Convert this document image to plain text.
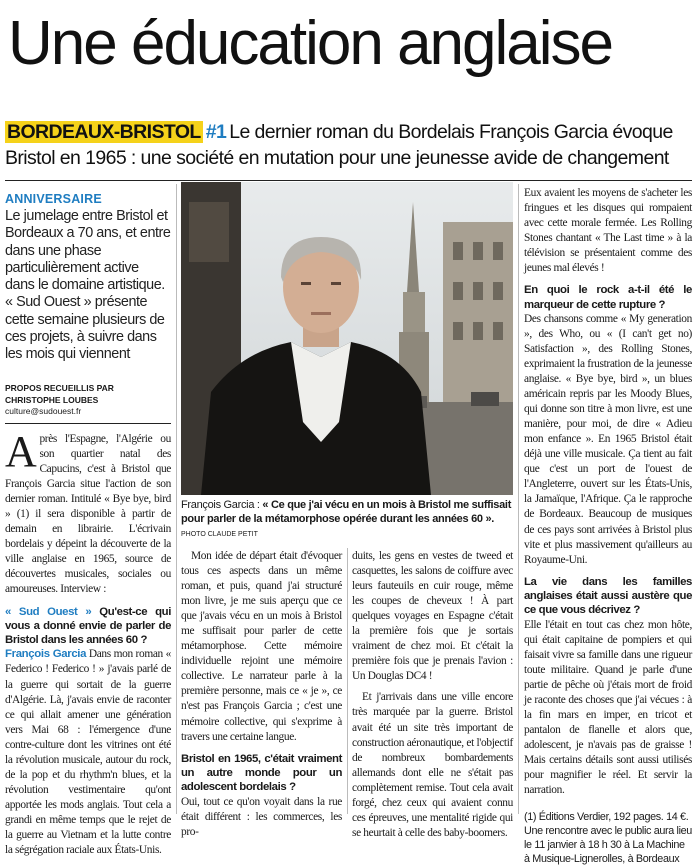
Une éducation anglaise
BORDEAUX-BRISTOL #1 Le dernier roman du Bordelais François Garcia évoque Bristol en 1965 : une société en mutation pour une jeunesse avide de changement
ANNIVERSAIRE
Le jumelage entre Bristol et Bordeaux a 70 ans, et entre dans une phase particulièrement active dans le domaine artistique. « Sud Ouest » présente cette semaine plusieurs de ces projets, à suivre dans les mois qui viennent
PROPOS RECUEILLIS PAR
CHRISTOPHE LOUBES
culture@sudouest.fr

Après l'Espagne, l'Algérie ou son quartier natal des Capucins, c'est à Bristol que François Garcia situe l'action de son dernier roman. Intitulé « Bye bye, bird » (1) il sera disponible à partir de demain en librairie. L'écrivain bordelais y dépeint la découverte de la ville anglaise en 1965, source de découvertes musicales, sociales ou amoureuses. Interview :

« Sud Ouest » Qu'est-ce qui vous a donné envie de parler de Bristol dans les années 60 ?

François Garcia Dans mon roman « Federico ! Federico ! » j'avais parlé de la guerre qui sortait de la guerre d'Algérie. Là, j'avais envie de raconter ce qui allait amener une génération vers Mai 68 : l'émergence d'une contre-culture dont les vitrines ont été la révolution musicale, autour du rock, de la pop et du rhythm'n blues, et la révolution vestimentaire qu'ont apportée les mods anglais. Tout cela a grandi en même temps que le rejet de la guerre au Vietnam et la lutte contre la ségrégation raciale aux États-Unis.

François Garcia : « Ce que j'ai vécu en un mois à Bristol me suffisait pour parler de la métamorphose opérée durant les années 60 ». PHOTO CLAUDE PETIT

Mon idée de départ était d'évoquer tous ces aspects dans un même roman, et puis, quand j'ai structuré mon livre, je me suis aperçu que ce que j'avais vécu en un mois à Bristol me suffisait pour parler de cette métamorphose. Cette mémoire individuelle rejoint une mémoire collective. Le narrateur parle à la première personne, mais ce « je », ce n'est pas François Garcia ; c'est une mémoire collective, qui s'exprime à travers une certaine langue.

Bristol en 1965, c'était vraiment un autre monde pour un adolescent bordelais ?

Oui, tout ce qu'on voyait dans la rue était différent : les commerces, les pro-

duits, les gens en vestes de tweed et casquettes, les salons de coiffure avec leurs fauteuils en cuir rouge, même les coupes de cheveux ! À part quelques voyages en Espagne c'était la première fois que je sortais vraiment de chez moi. Et c'était la première fois que je prenais l'avion : Un Douglas DC4 !

Et j'arrivais dans une ville encore très marquée par la guerre. Bristol avait été un site très important de construction aéronautique, et l'objectif de nombreux bombardements allemands dont elle ne s'était pas complètement remise. Tout cela avait forgé, chez ceux qui avaient connu ces épreuves, une mentalité rigide qui se heurtait à celle des baby-boomers.

Eux avaient les moyens de s'acheter les fringues et les disques qui rompaient avec cette morale fermée. Les Rolling Stones chantant « The Last time » à la télévision se présentaient comme des jeunes mal élevés !

En quoi le rock a-t-il été le marqueur de cette rupture ?

Des chansons comme « My generation », des Who, ou « (I can't get no) Satisfaction », des Rolling Stones, exprimaient la frustration de la jeunesse anglaise. « Bye bye, bird », un blues américain repris par les Moody Blues, qui donne son titre à mon livre, est une manière, pour moi, de dire « Adieu mon enfance ». En 1965 Bristol était déjà une ville musicale. Ça tient au fait que c'est un port de l'ouest de l'Angleterre, ouvert sur les États-Unis, la Jamaïque, l'Afrique. Ça le rapproche de Bordeaux. Beaucoup de musiques de ces pays sont arrivées à Bristol plus vite et plus massivement qu'ailleurs au Royaume-Uni.

La vie dans les familles anglaises était aussi austère que ce que vous décrivez ?

Elle l'était en tout cas chez mon hôte, qui était capitaine de pompiers et qui faisait vivre sa famille dans une rigueur toute militaire. Quand je parle d'une partie de pêche où j'étais mort de froid je raconte des choses que j'ai vécues : à la fin mars en imper, en tricot et pantalon de flanelle et alors que, adolescent, je n'avais pas de graisse ! Mais certains détails sont aussi utilisés pour magnifier le réel. Et servir la narration.

(1) Éditions Verdier, 192 pages. 14 €. Une rencontre avec le public aura lieu le 11 janvier à 18 h 30 à La Machine à Musique-Lignerolles, à Bordeaux
